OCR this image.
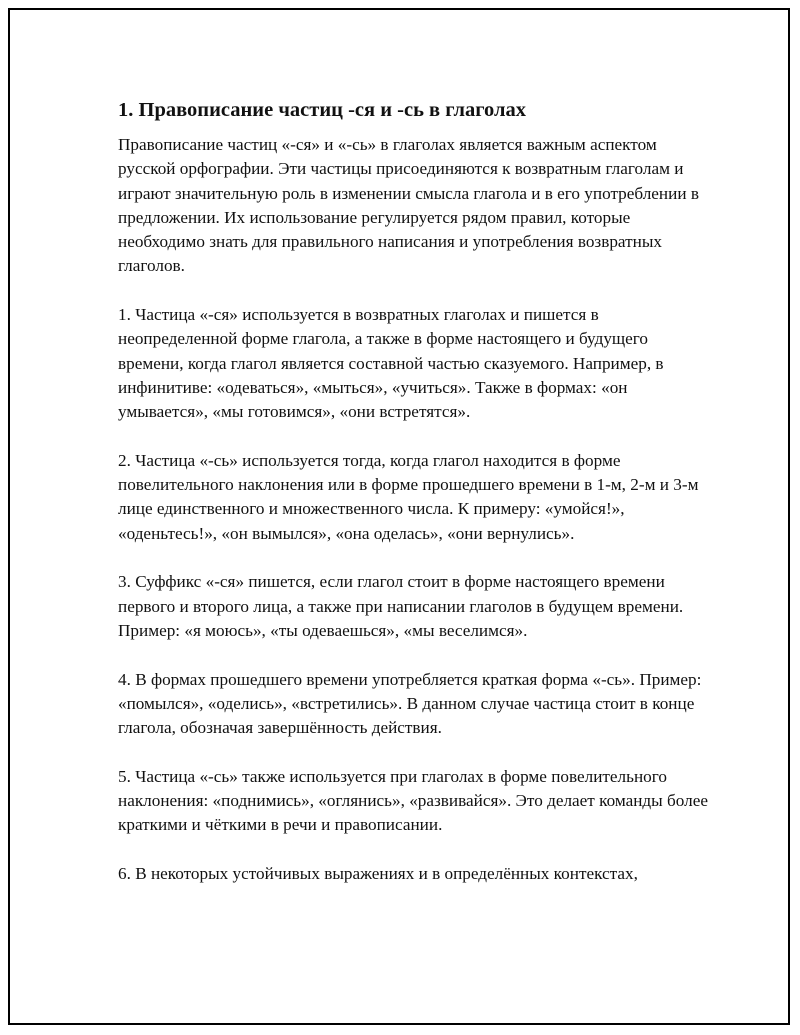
1. Правописание частиц -ся и -сь в глаголах

Правописание частиц «-ся» и «-сь» в глаголах является важным аспектом русской орфографии. Эти частицы присоединяются к возвратным глаголам и играют значительную роль в изменении смысла глагола и в его употреблении в предложении. Их использование регулируется рядом правил, которые необходимо знать для правильного написания и употребления возвратных глаголов.

1. Частица «-ся» используется в возвратных глаголах и пишется в неопределенной форме глагола, а также в форме настоящего и будущего времени, когда глагол является составной частью сказуемого. Например, в инфинитиве: «одеваться», «мыться», «учиться». Также в формах: «он умывается», «мы готовимся», «они встретятся».

2. Частица «-сь» используется тогда, когда глагол находится в форме повелительного наклонения или в форме прошедшего времени в 1-м, 2-м и 3-м лице единственного и множественного числа. К примеру: «умойся!», «оденьтесь!», «он вымылся», «она оделась», «они вернулись».

3. Суффикс «-ся» пишется, если глагол стоит в форме настоящего времени первого и второго лица, а также при написании глаголов в будущем времени. Пример: «я моюсь», «ты одеваешься», «мы веселимся».

4. В формах прошедшего времени употребляется краткая форма «-сь». Пример: «помылся», «оделись», «встретились». В данном случае частица стоит в конце глагола, обозначая завершённость действия.

5. Частица «-сь» также используется при глаголах в форме повелительного наклонения: «поднимись», «оглянись», «развивайся». Это делает команды более краткими и чёткими в речи и правописании.

6. В некоторых устойчивых выражениях и в определённых контекстах,
